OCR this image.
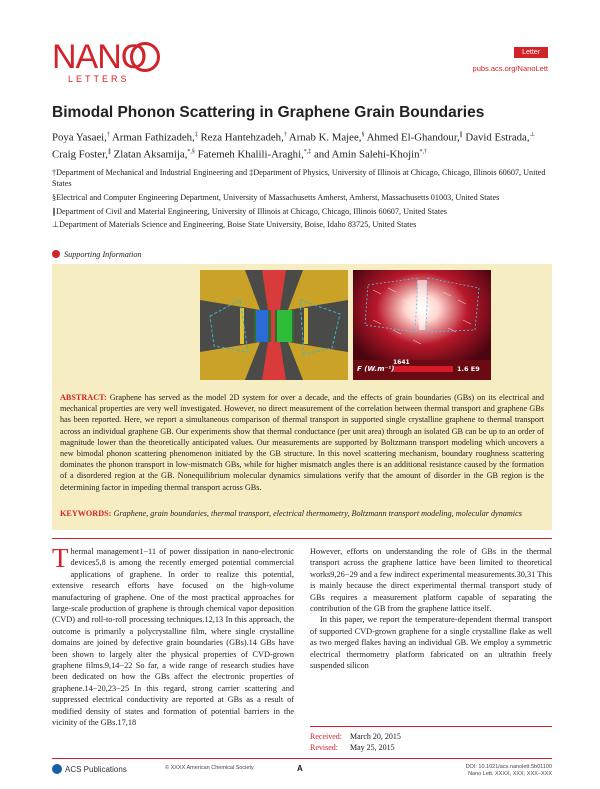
NANO
LETTERS
Letter
pubs.acs.org/NanoLett
Bimodal Phonon Scattering in Graphene Grain Boundaries
Poya Yasaei,† Arman Fathizadeh,‡ Reza Hantehzadeh,† Arnab K. Majee,§ Ahmed El-Ghandour,∥ David Estrada,⊥ Craig Foster,∥ Zlatan Aksamija,*,§ Fatemeh Khalili-Araghi,*,‡ and Amin Salehi-Khojin*,†

†Department of Mechanical and Industrial Engineering and ‡Department of Physics, University of Illinois at Chicago, Chicago, Illinois 60607, United States

§Electrical and Computer Engineering Department, University of Massachusetts Amherst, Amherst, Massachusetts 01003, United States

∥Department of Civil and Material Engineering, University of Illinois at Chicago, Chicago, Illinois 60607, United States

⊥Department of Materials Science and Engineering, Boise State University, Boise, Idaho 83725, United States

Supporting Information
F (W.m⁻¹)
1641
1.6 E9
ABSTRACT: Graphene has served as the model 2D system for over a decade, and the effects of grain boundaries (GBs) on its electrical and mechanical properties are very well investigated. However, no direct measurement of the correlation between thermal transport and graphene GBs has been reported. Here, we report a simultaneous comparison of thermal transport in supported single crystalline graphene to thermal transport across an individual graphene GB. Our experiments show that thermal conductance (per unit area) through an isolated GB can be up to an order of magnitude lower than the theoretically anticipated values. Our measurements are supported by Boltzmann transport modeling which uncovers a new bimodal phonon scattering phenomenon initiated by the GB structure. In this novel scattering mechanism, boundary roughness scattering dominates the phonon transport in low-mismatch GBs, while for higher mismatch angles there is an additional resistance caused by the formation of a disordered region at the GB. Nonequilibrium molecular dynamics simulations verify that the amount of disorder in the GB region is the determining factor in impeding thermal transport across GBs.
KEYWORDS: Graphene, grain boundaries, thermal transport, electrical thermometry, Boltzmann transport modeling, molecular dynamics

Thermal management1−11 of power dissipation in nano-electronic devices5,8 is among the recently emerged potential commercial applications of graphene. In order to realize this potential, extensive research efforts have focused on the high-volume manufacturing of graphene. One of the most practical approaches for large-scale production of graphene is through chemical vapor deposition (CVD) and roll-to-roll processing techniques.12,13 In this approach, the outcome is primarily a polycrystalline film, where single crystalline domains are joined by defective grain boundaries (GBs).14 GBs have been shown to largely alter the physical properties of CVD-grown graphene films.9,14−22 So far, a wide range of research studies have been dedicated on how the GBs affect the electronic properties of graphene.14−20,23−25 In this regard, strong carrier scattering and suppressed electrical conductivity are reported at GBs as a result of modified density of states and formation of potential barriers in the vicinity of the GBs.17,18

However, efforts on understanding the role of GBs in the thermal transport across the graphene lattice have been limited to theoretical works9,26−29 and a few indirect experimental measurements.30,31 This is mainly because the direct experimental thermal transport study of GBs requires a measurement platform capable of separating the contribution of the GB from the graphene lattice itself.

In this paper, we report the temperature-dependent thermal transport of supported CVD-grown graphene for a single crystalline flake as well as two merged flakes having an individual GB. We employ a symmetric electrical thermometry platform fabricated on an ultrathin freely suspended silicon

Received: March 20, 2015
Revised: May 25, 2015
ACS Publications	© XXXX American Chemical Society	A	DOI: 10.1021/acs.nanolett.5b01100
Nano Lett. XXXX, XXX, XXX−XXX
